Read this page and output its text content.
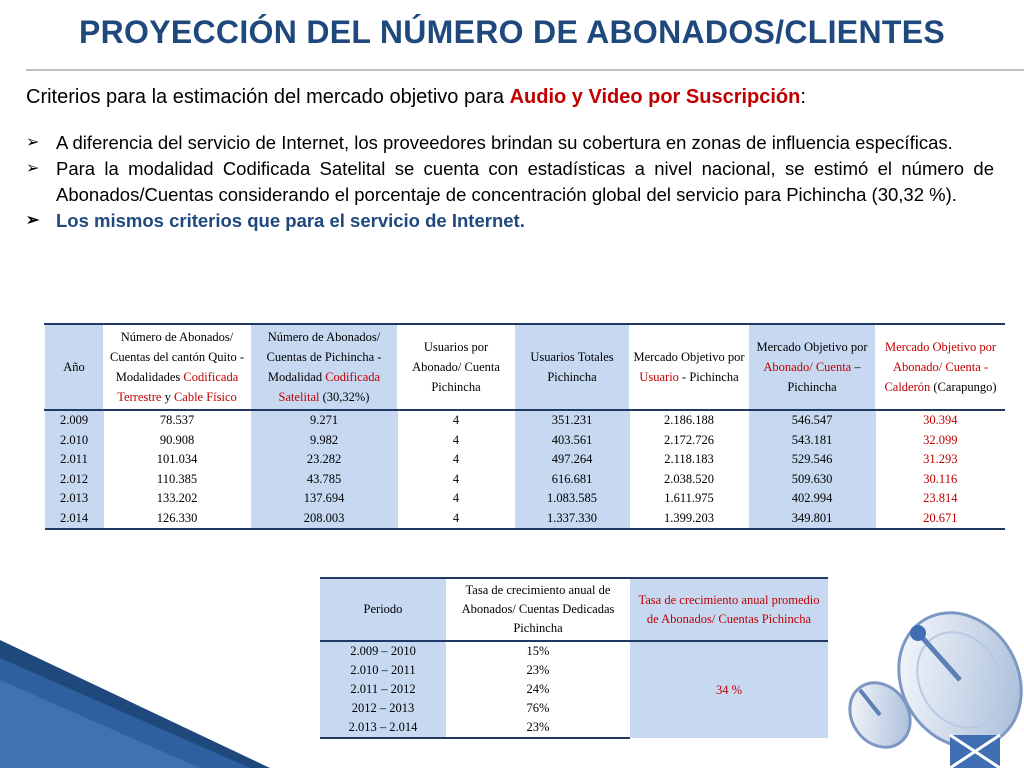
PROYECCIÓN DEL NÚMERO DE ABONADOS/CLIENTES
Criterios para la estimación del mercado objetivo para Audio y Video por Suscripción:
➢ A diferencia del servicio de Internet, los proveedores brindan su cobertura en zonas de influencia específicas.
➢ Para la modalidad Codificada Satelital se cuenta con estadísticas a nivel nacional, se estimó el número de Abonados/Cuentas considerando el porcentaje de concentración global del servicio para Pichincha (30,32 %).
➢ Los mismos criterios que para el servicio de Internet.
Año	Número de Abonados/ Cuentas del cantón Quito - Modalidades Codificada Terrestre y Cable Físico	Número de Abonados/ Cuentas de Pichincha - Modalidad Codificada Satelital (30,32%)	Usuarios por Abonado/ Cuenta Pichincha	Usuarios Totales Pichincha	Mercado Objetivo por Usuario - Pichincha	Mercado Objetivo por Abonado/ Cuenta – Pichincha	Mercado Objetivo por Abonado/ Cuenta - Calderón (Carapungo)
2.009	78.537	9.271	4	351.231	2.186.188	546.547	30.394
2.010	90.908	9.982	4	403.561	2.172.726	543.181	32.099
2.011	101.034	23.282	4	497.264	2.118.183	529.546	31.293
2.012	110.385	43.785	4	616.681	2.038.520	509.630	30.116
2.013	133.202	137.694	4	1.083.585	1.611.975	402.994	23.814
2.014	126.330	208.003	4	1.337.330	1.399.203	349.801	20.671
Periodo	Tasa de crecimiento anual de Abonados/ Cuentas Dedicadas Pichincha	Tasa de crecimiento anual promedio de Abonados/ Cuentas Pichincha
2.009 – 2010	15%	34 %
2.010 – 2011	23%	
2.011 – 2012	24%	
2012 – 2013	76%	
2.013 – 2.014	23%	
